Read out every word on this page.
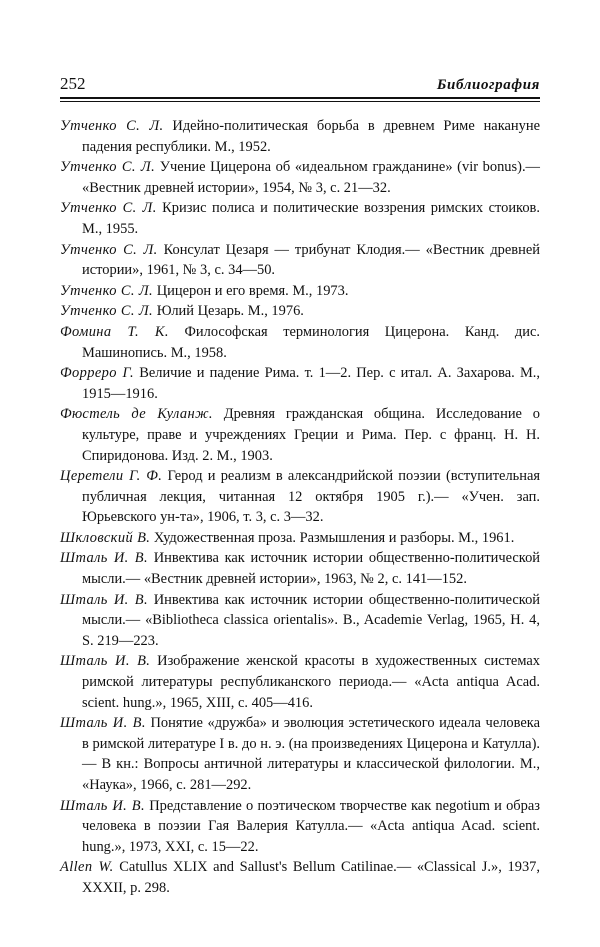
252	Библиография
Утченко С. Л. Идейно-политическая борьба в древнем Риме накануне падения республики. М., 1952.
Утченко С. Л. Учение Цицерона об «идеальном гражданине» (vir bonus).— «Вестник древней истории», 1954, № 3, с. 21—32.
Утченко С. Л. Кризис полиса и политические воззрения римских стоиков. М., 1955.
Утченко С. Л. Консулат Цезаря — трибунат Клодия.— «Вестник древней истории», 1961, № 3, с. 34—50.
Утченко С. Л. Цицерон и его время. М., 1973.
Утченко С. Л. Юлий Цезарь. М., 1976.
Фомина Т. К. Философская терминология Цицерона. Канд. дис. Машинопись. М., 1958.
Форреро Г. Величие и падение Рима. т. 1—2. Пер. с итал. А. Захарова. М., 1915—1916.
Фюстель де Куланж. Древняя гражданская община. Исследование о культуре, праве и учреждениях Греции и Рима. Пер. с франц. Н. Н. Спиридонова. Изд. 2. М., 1903.
Церетели Г. Ф. Герод и реализм в александрийской поэзии (вступительная публичная лекция, читанная 12 октября 1905 г.).— «Учен. зап. Юрьевского ун-та», 1906, т. 3, с. 3—32.
Шкловский В. Художественная проза. Размышления и разборы. М., 1961.
Шталь И. В. Инвектива как источник истории общественно-политической мысли.— «Вестник древней истории», 1963, № 2, с. 141—152.
Шталь И. В. Инвектива как источник истории общественно-политической мысли.— «Bibliotheca classica orientalis». B., Academie Verlag, 1965, H. 4, S. 219—223.
Шталь И. В. Изображение женской красоты в художественных системах римской литературы республиканского периода.— «Acta antiqua Acad. scient. hung.», 1965, XIII, с. 405—416.
Шталь И. В. Понятие «дружба» и эволюция эстетического идеала человека в римской литературе I в. до н. э. (на произведениях Цицерона и Катулла).— В кн.: Вопросы античной литературы и классической филологии. М., «Наука», 1966, с. 281—292.
Шталь И. В. Представление о поэтическом творчестве как negotium и образ человека в поэзии Гая Валерия Катулла.— «Acta antiqua Acad. scient. hung.», 1973, XXI, с. 15—22.
Allen W. Catullus XLIX and Sallust's Bellum Catilinae.— «Classical J.», 1937, XXXII, p. 298.
